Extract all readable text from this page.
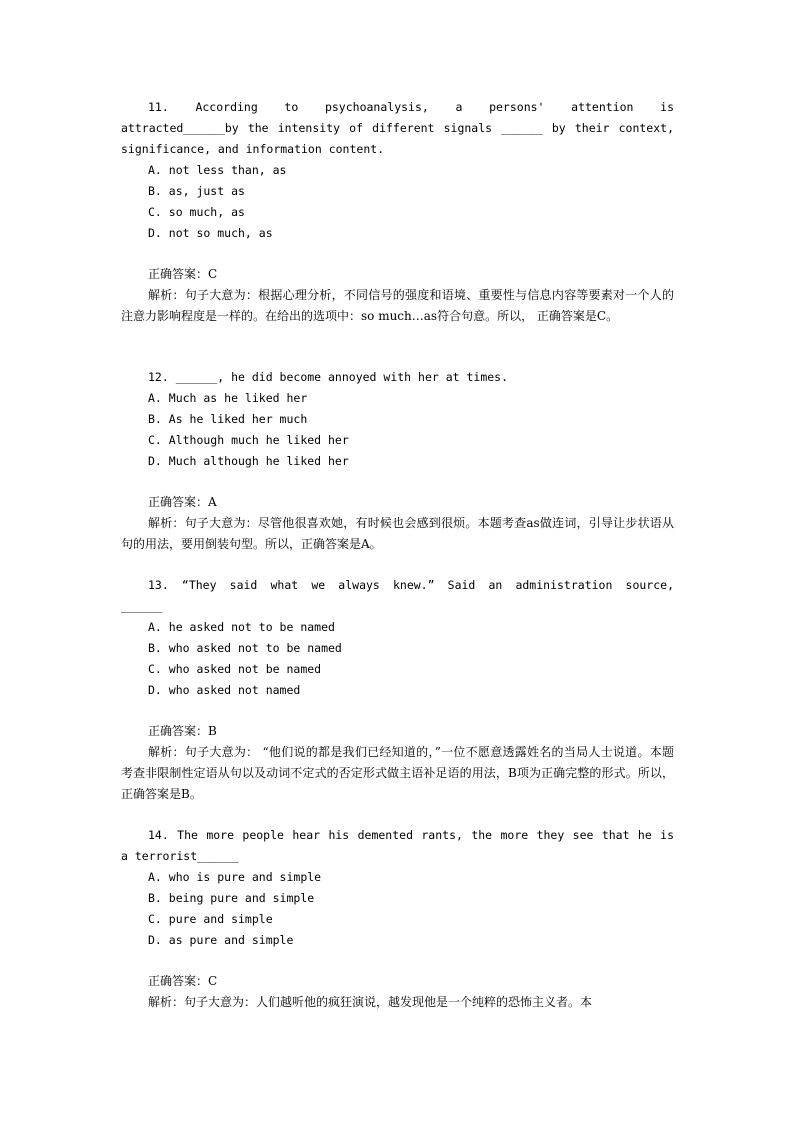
11. According to psychoanalysis, a persons' attention is
attracted______by the intensity of different signals ______ by their context,
significance, and information content.
A. not less than, as
B. as, just as
C. so much, as
D. not so much, as
正确答案：C
解析：句子大意为：根据心理分析，不同信号的强度和语境、重要性与信息内容等要素对一个人的注意力影响程度是一样的。在给出的选项中：so much…as符合句意。所以， 正确答案是C。
12. ______, he did become annoyed with her at times.
A. Much as he liked her
B. As he liked her much
C. Although much he liked her
D. Much although he liked her
正确答案：A
解析：句子大意为：尽管他很喜欢她，有时候也会感到很烦。本题考查as做连词，引导让步状语从句的用法，要用倒装句型。所以，正确答案是A。
13. “They said what we always knew.” Said an administration source,
______
A. he asked not to be named
B. who asked not to be named
C. who asked not be named
D. who asked not named
正确答案：B
解析：句子大意为： “他们说的都是我们已经知道的，”一位不愿意透露姓名的当局人士说道。本题考查非限制性定语从句以及动词不定式的否定形式做主语补足语的用法，B项为正确完整的形式。所以，正确答案是B。
14. The more people hear his demented rants, the more they see that he is
a terrorist______
A. who is pure and simple
B. being pure and simple
C. pure and simple
D. as pure and simple
正确答案：C
解析：句子大意为：人们越听他的疯狂演说，越发现他是一个纯粹的恐怖主义者。本
